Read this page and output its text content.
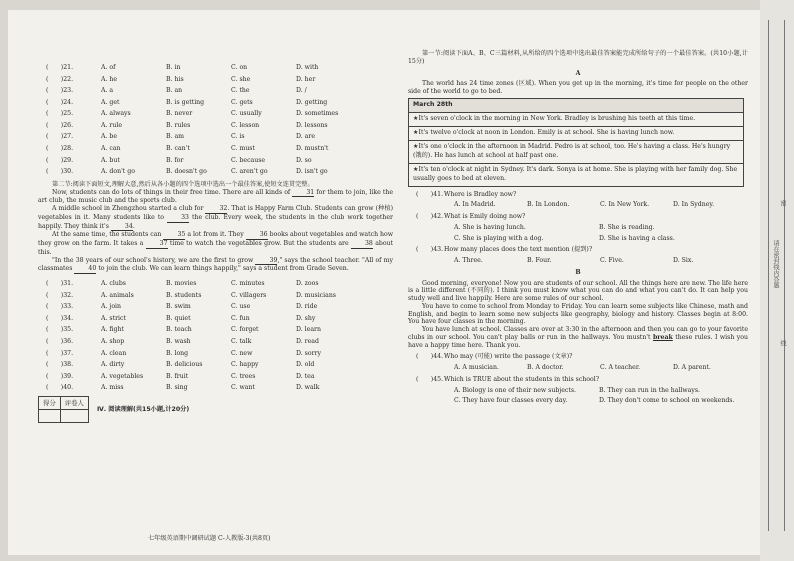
(　　)21.	A. of	B. in	C. on	D. with
(　　)22.	A. he	B. his	C. she	D. her
(　　)23.	A. a	B. an	C. the	D. /
(　　)24.	A. get	B. is getting	C. gets	D. getting
(　　)25.	A. always	B. never	C. usually	D. sometimes
(　　)26.	A. rule	B. rules	C. lesson	D. lessons
(　　)27.	A. be	B. am	C. is	D. are
(　　)28.	A. can	B. can't	C. must	D. mustn't
(　　)29.	A. but	B. for	C. because	D. so
(　　)30.	A. don't go	B. doesn't go	C. aren't go	D. isn't go

第二节:阅读下面短文,理解大意,然后从各小题的四个选项中选出一个最佳答案,使短文连贯完整。

Now, students can do lots of things in their free time. There are all kinds of	31 for them to join, like the art club, the music club and the sports club.

A middle school in Zhengzhou started a club for	32. That is Happy Farm Club. Students can grow (种植) vegetables in it. Many students like to	33 the club. Every week, the students in the club work together happily. They think it's	34.

At the same time, the students can	35 a lot from it. They	36 books about vegetables and watch how they grow on the farm. It takes a	37 time to watch the vegetables grow. But the students are	38 about this.

"In the 38 years of our school's history, we are the first to grow	39," says the school teacher. "All of my classmates	40 to join the club. We can learn things happily," says a student from Grade Seven.

(　　)31.	A. clubs	B. movies	C. minutes	D. zoos
(　　)32.	A. animals	B. students	C. villagers	D. musicians
(　　)33.	A. join	B. swim	C. use	D. ride
(　　)34.	A. strict	B. quiet	C. fun	D. shy
(　　)35.	A. fight	B. teach	C. forget	D. learn
(　　)36.	A. shop	B. wash	C. talk	D. read
(　　)37.	A. clean	B. long	C. new	D. sorry
(　　)38.	A. dirty	B. delicious	C. happy	D. old
(　　)39.	A. vegetables	B. fruit	C. trees	D. tea
(　　)40.	A. miss	B. sing	C. want	D. walk
得分	评卷人

Ⅳ. 阅读理解(共15小题,计20分)
七年级英语期中调研试题 C-人教版-3(共8页)

第一节:阅读下面A、B、C三篇材料,从所给的四个选项中选出最佳答案能完成所给句子的一个最佳答案。(共10小题,计15分)

A

The world has 24 time zones (区域). When you get up in the morning, it's time for people on the other side of the world to go to bed.

March 28th
★It's seven o'clock in the morning in New York. Bradley is brushing his teeth at this time.
★It's twelve o'clock at noon in London. Emily is at school. She is having lunch now.
★It's one o'clock in the afternoon in Madrid. Pedro is at school, too. He's having a class. He's hungry (饿的). He has lunch at school at half past one.
★It's ten o'clock at night in Sydney. It's dark. Sonya is at home. She is playing with her family dog. She usually goes to bed at eleven.
(　　)41. Where is Bradley now?
A. In Madrid.	B. In London.	C. In New York.	D. In Sydney.
(　　)42. What is Emily doing now?
A. She is having lunch.	B. She is reading.
C. She is playing with a dog.	D. She is having a class.
(　　)43. How many places does the text mention (提到)?
A. Three.	B. Four.	C. Five.	D. Six.
B

Good morning, everyone! Now you are students of our school. All the things here are new. The life here is a little different (不同的). I think you must know what you can do and what you can't do. It can help you study well and live happily. Here are some rules of our school.

You have to come to school from Monday to Friday. You can learn some subjects like Chinese, math and English, and begin to learn some new subjects like geography, biology and history. Classes begin at 8:00. You have four classes in the morning.

You have lunch at school. Classes are over at 3:30 in the afternoon and then you can go to your favorite clubs in our school. You can't play balls or run in the hallways. You mustn't break these rules. I wish you have a happy time here. Thank you.

(　　)44. Who may (可能) write the passage (文章)?
A. A musician.	B. A doctor.	C. A teacher.	D. A parent.
(　　)45. Which is TRUE about the students in this school?
A. Biology is one of their new subjects.	B. They can run in the hallways.
C. They have four classes every day.	D. They don't come to school on weekends.
密
请在密封线内答题
线
